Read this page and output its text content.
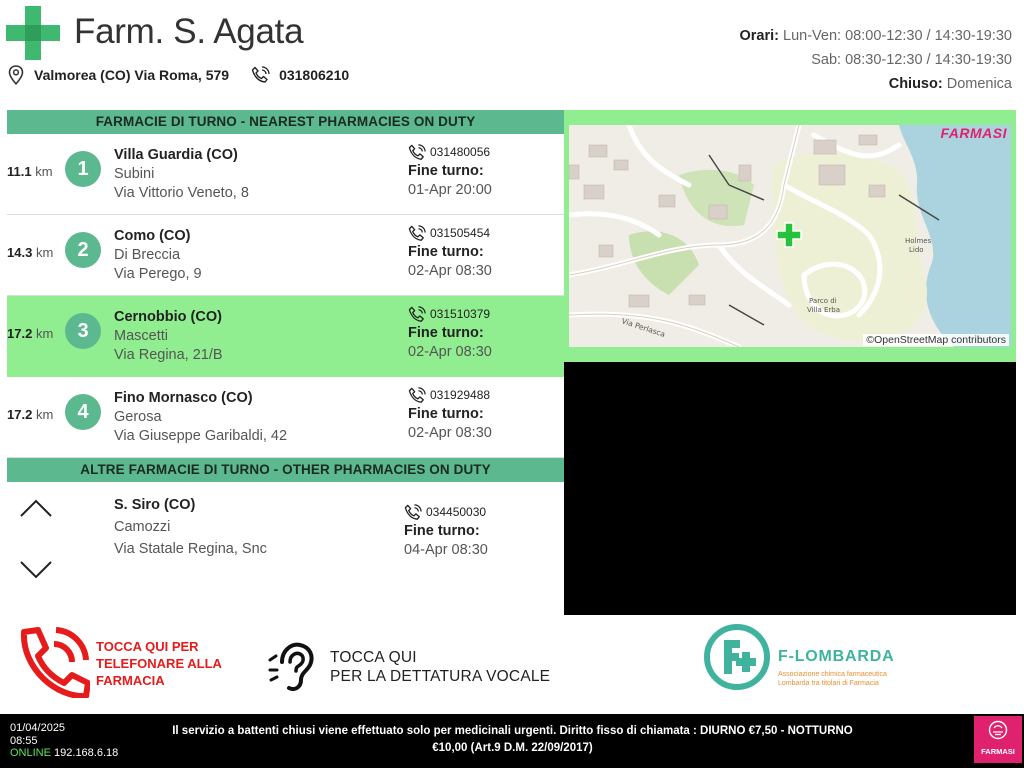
Farm. S. Agata
Valmorea (CO) Via Roma, 579	031806210
Orari: Lun-Ven: 08:00-12:30 / 14:30-19:30
Sab: 08:30-12:30 / 14:30-19:30
Chiuso: Domenica
FARMACIE DI TURNO - NEAREST PHARMACIES ON DUTY
11.1 km	1
Villa Guardia (CO)
Subini
Via Vittorio Veneto, 8
031480056
Fine turno:
01-Apr 20:00
14.3 km	2
Como (CO)
Di Breccia
Via Perego, 9
031505454
Fine turno:
02-Apr 08:30
17.2 km	3
Cernobbio (CO)
Mascetti
Via Regina, 21/B
031510379
Fine turno:
02-Apr 08:30
17.2 km	4
Fino Mornasco (CO)
Gerosa
Via Giuseppe Garibaldi, 42
031929488
Fine turno:
02-Apr 08:30
ALTRE FARMACIE DI TURNO - OTHER PHARMACIES ON DUTY
S. Siro (CO)
Camozzi
Via Statale Regina, Snc
034450030
Fine turno:
04-Apr 08:30
Via Perlasca
Parco di
Villa Erba
Holmes
Lido
FARMASI
©OpenStreetMap contributors
TOCCA QUI PER
TELEFONARE ALLA
FARMACIA
TOCCA QUI
PER LA DETTATURA VOCALE
F-LOMBARDA
Associazione chimica farmaceutica
Lombarda tra titolari di Farmacia
01/04/2025
08:55
ONLINE 192.168.6.18
Il servizio a battenti chiusi viene effettuato solo per medicinali urgenti. Diritto fisso di chiamata : DIURNO €7,50 - NOTTURNO
€10,00 (Art.9 D.M. 22/09/2017)	FARMASI
